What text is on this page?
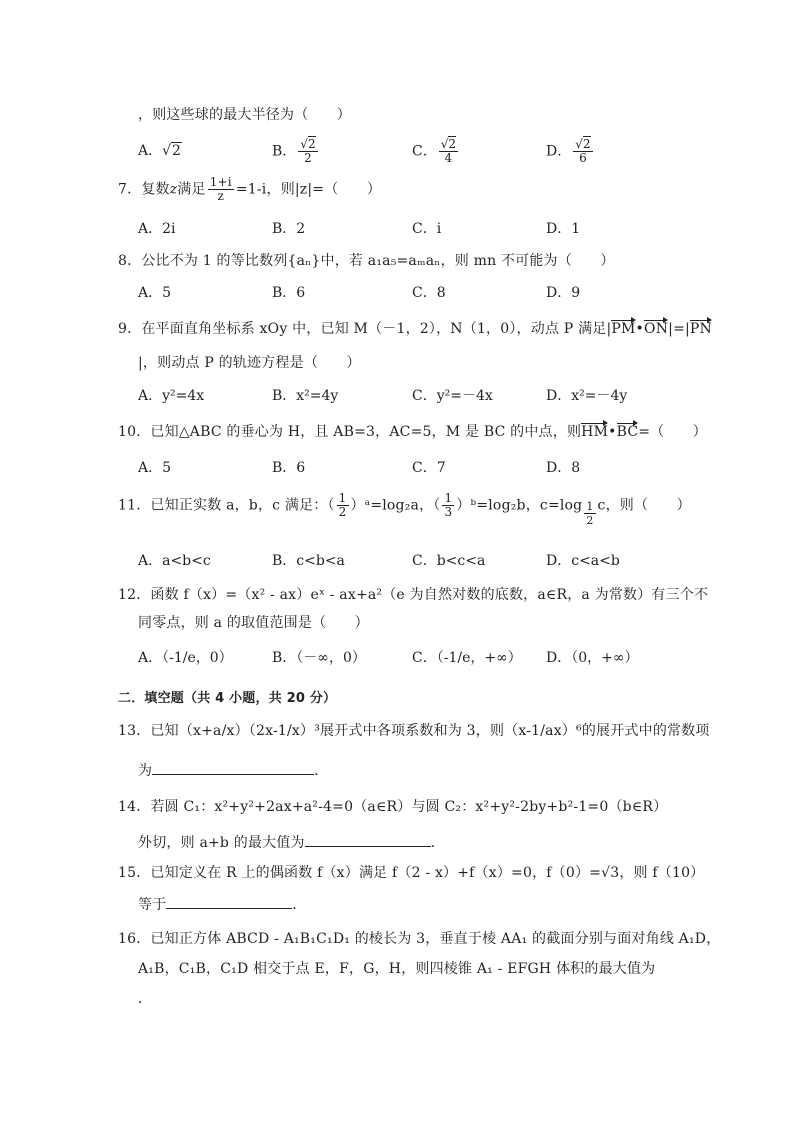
，则这些球的最大半径为（　　）
A．√2	B． $\frac{√2}{2}$	C． $\frac{√2}{4}$	D． $\frac{√2}{6}$
7．复数z满足 $\frac{1+i}{z} =1-i$，则|z|=（　　）
A．2i	B．2	C．i	D．1
8．公比不为 1 的等比数列{aₙ}中，若 a₁a₅=aₘaₙ，则 mn 不可能为（　　）
A．5	B．6	C．8	D．9
9．在平面直角坐标系 xOy 中，已知 M（－1，2），N（1，0），动点 P 满足|PM•ON|=|PN
|，则动点 P 的轨迹方程是（　　）
A．y²=4x	B．x²=4y	C．y²=－4x	D．x²=－4y
10．已知△ABC 的垂心为 H，且 AB=3，AC=5，M 是 BC 的中点，则HM•BC=（　　）
A．5	B．6	C．7	D．8
11．已知正实数 a，b，c 满足：（ $\frac{1}{2}$ ）ᵃ=log₂a，（ $\frac{1}{3}$ ）ᵇ=log₂b，$c=\log \frac{1}{2}$ c，则（　　）
A．a<b<c	B．c<b<a	C．b<c<a	D．c<a<b
12．函数 f（x）=（x² - ax）eˣ - ax+a²（e 为自然对数的底数，a∈R，a 为常数）有三个不
同零点，则 a 的取值范围是（　　）
A．（-1/e，0）	B．（－∞，0）	C．（-1/e，+∞） D．（0，+∞）
二．填空题（共 4 小题，共 20 分）
13．已知（x+a/x）（2x-1/x）³展开式中各项系数和为 3，则（x-1/ax）⁶的展开式中的常数项
为	．
14．若圆 C₁：x²+y²+2ax+a²-4=0（a∈R）与圆 C₂：x²+y²-2by+b²-1=0（b∈R）
外切，则 a+b 的最大值为	．
15．已知定义在 R 上的偶函数 f（x）满足 f（2 - x）+f（x）=0，f（0）=√3，则 f（10）
等于	．
16．已知正方体 ABCD - A₁B₁C₁D₁ 的棱长为 3，垂直于棱 AA₁ 的截面分别与面对角线 A₁D，
A₁B，C₁B，C₁D 相交于点 E，F，G，H，则四棱锥 A₁ - EFGH 体积的最大值为
．
